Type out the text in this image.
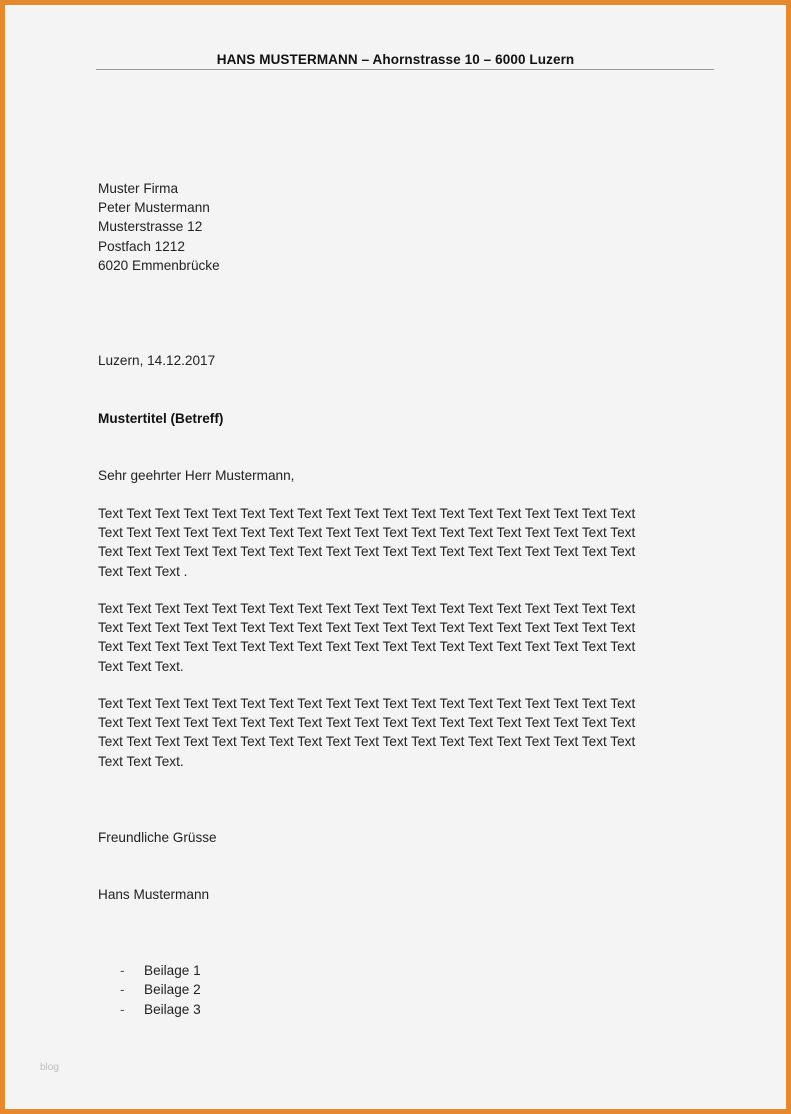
HANS MUSTERMANN – Ahornstrasse 10 – 6000 Luzern

Muster Firma
Peter Mustermann
Musterstrasse 12
Postfach 1212
6020 Emmenbrücke
Luzern, 14.12.2017
Mustertitel (Betreff)
Sehr geehrter Herr Mustermann,
Text Text Text Text Text Text Text Text Text Text Text Text Text Text Text Text Text Text Text
Text Text Text Text Text Text Text Text Text Text Text Text Text Text Text Text Text Text Text
Text Text Text Text Text Text Text Text Text Text Text Text Text Text Text Text Text Text Text
Text Text Text .
Text Text Text Text Text Text Text Text Text Text Text Text Text Text Text Text Text Text Text
Text Text Text Text Text Text Text Text Text Text Text Text Text Text Text Text Text Text Text
Text Text Text Text Text Text Text Text Text Text Text Text Text Text Text Text Text Text Text
Text Text Text.
Text Text Text Text Text Text Text Text Text Text Text Text Text Text Text Text Text Text Text
Text Text Text Text Text Text Text Text Text Text Text Text Text Text Text Text Text Text Text
Text Text Text Text Text Text Text Text Text Text Text Text Text Text Text Text Text Text Text
Text Text Text.
Freundliche Grüsse
Hans Mustermann
- Beilage 1
- Beilage 2
- Beilage 3
blog
